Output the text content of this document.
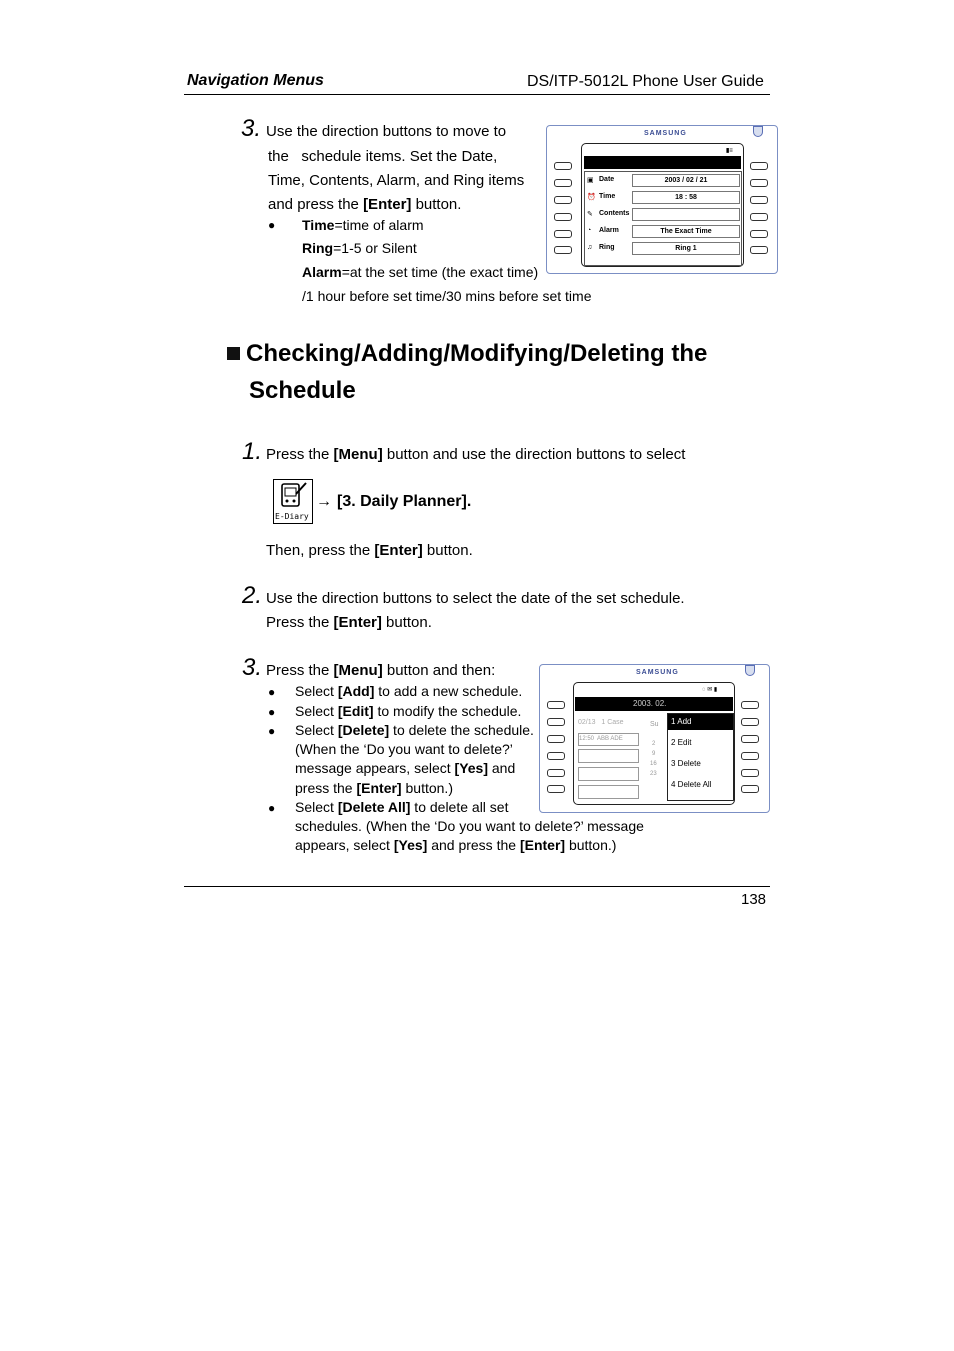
Navigation Menus	DS/ITP-5012L Phone User Guide
3. Use the direction buttons to move to
the   schedule items. Set the Date,
Time, Contents, Alarm, and Ring items
and press the [Enter] button.
● Time=time of alarm
Ring=1-5 or Silent
Alarm=at the set time (the exact time)
/1 hour before set time/30 mins before set time
SAMSUNG
▮≡
▣ Date	2003 / 02 / 21
⏰ Time	18 : 58
✎ Contents
◔ Alarm	The Exact Time
♫ Ring	Ring 1
Checking/Adding/Modifying/Deleting the
Schedule
1. Press the [Menu] button and use the direction buttons to select
E-Diary
→ [3. Daily Planner].
Then, press the [Enter] button.
2. Use the direction buttons to select the date of the set schedule.
Press the [Enter] button.
3. Press the [Menu] button and then:
● Select [Add] to add a new schedule.
● Select [Edit] to modify the schedule.
● Select [Delete] to delete the schedule.
(When the ‘Do you want to delete?’
message appears, select [Yes] and
press the [Enter] button.)
● Select [Delete All] to delete all set
schedules. (When the ‘Do you want to delete?’ message
appears, select [Yes] and press the [Enter] button.)
SAMSUNG
◌ ✉ ▮
2003. 02.
02/13   1 Case
12:50  ABB ADE
Su
2
9
16
23
1 Add
2 Edit
3 Delete
4 Delete All
138
